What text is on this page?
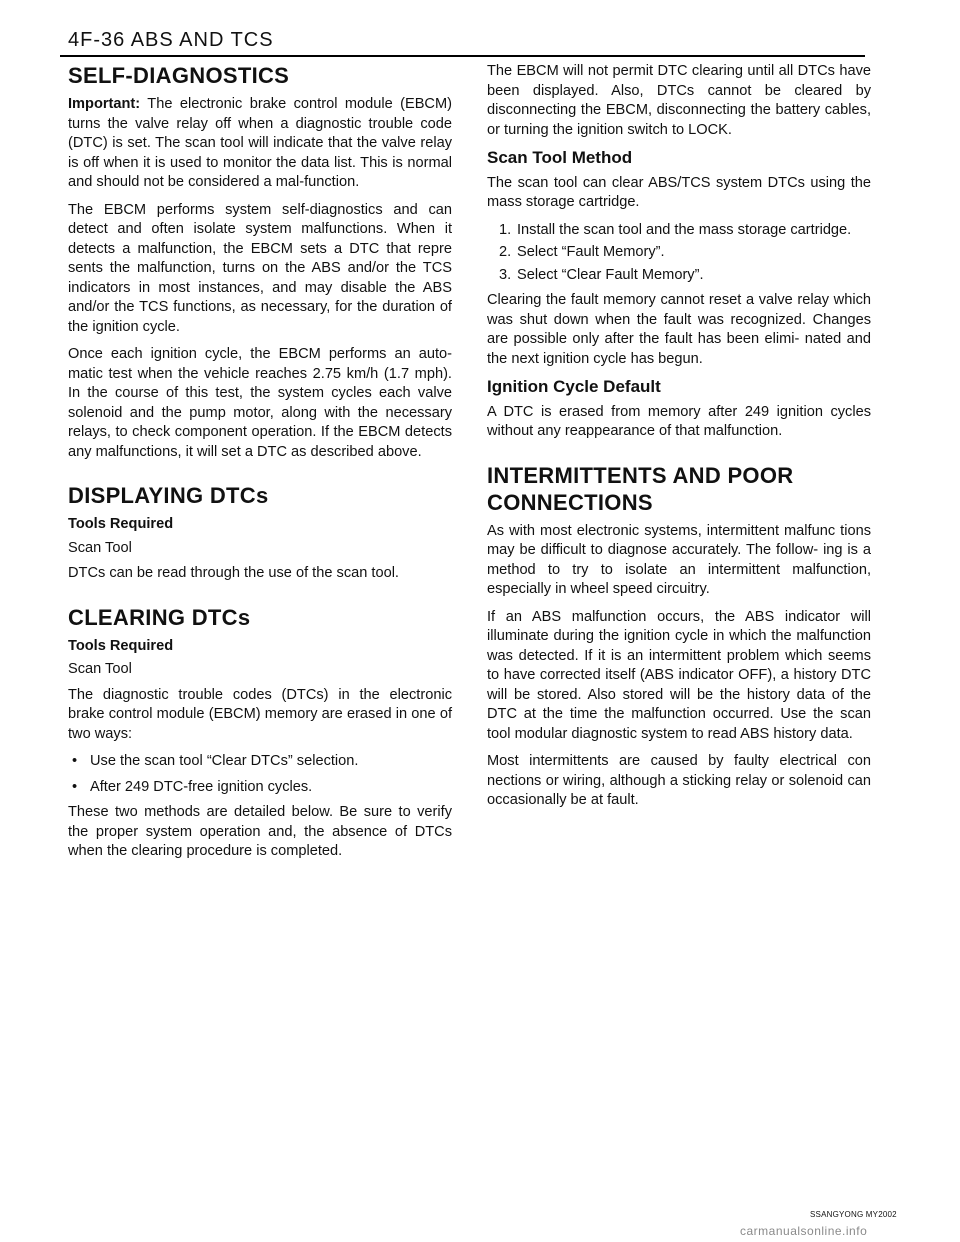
4F-36 ABS AND TCS
SELF-DIAGNOSTICS

Important: The electronic brake control module (EBCM) turns the valve relay off when a diagnostic trouble code (DTC) is set. The scan tool will indicate that the valve relay is off when it is used to monitor the data list. This is normal and should not be considered a mal-function.

The EBCM performs system self-diagnostics and can detect and often isolate system malfunctions. When it detects a malfunction, the EBCM sets a DTC that repre sents the malfunction, turns on the ABS and/or the TCS indicators in most instances, and may disable the ABS and/or the TCS functions, as necessary, for the duration of the ignition cycle.

Once each ignition cycle, the EBCM performs an auto- matic test when the vehicle reaches 2.75 km/h (1.7 mph). In the course of this test, the system cycles each valve solenoid and the pump motor, along with the necessary relays, to check component operation. If the EBCM detects any malfunctions, it will set a DTC as described above.

DISPLAYING DTCs
Tools Required
Scan Tool

DTCs can be read through the use of the scan tool.

CLEARING DTCs
Tools Required
Scan Tool

The diagnostic trouble codes (DTCs) in the electronic brake control module (EBCM) memory are erased in one of two ways:

• Use the scan tool “Clear DTCs” selection.
• After 249 DTC-free ignition cycles.

These two methods are detailed below. Be sure to verify the proper system operation and, the absence of DTCs when the clearing procedure is completed.

The EBCM will not permit DTC clearing until all DTCs have been displayed. Also, DTCs cannot be cleared by disconnecting the EBCM, disconnecting the battery cables, or turning the ignition switch to LOCK.

Scan Tool Method

The scan tool can clear ABS/TCS system DTCs using the mass storage cartridge.

1. Install the scan tool and the mass storage cartridge.
2. Select “Fault Memory”.
3. Select “Clear Fault Memory”.

Clearing the fault memory cannot reset a valve relay which was shut down when the fault was recognized. Changes are possible only after the fault has been elimi- nated and the next ignition cycle has begun.

Ignition Cycle Default

A DTC is erased from memory after 249 ignition cycles without any reappearance of that malfunction.

INTERMITTENTS AND POOR CONNECTIONS

As with most electronic systems, intermittent malfunc tions may be difficult to diagnose accurately. The follow- ing is a method to try to isolate an intermittent malfunction, especially in wheel speed circuitry.

If an ABS malfunction occurs, the ABS indicator will illuminate during the ignition cycle in which the malfunction was detected. If it is an intermittent problem which seems to have corrected itself (ABS indicator OFF), a history DTC will be stored. Also stored will be the history data of the DTC at the time the malfunction occurred. Use the scan tool modular diagnostic system to read ABS history data.

Most intermittents are caused by faulty electrical con nections or wiring, although a sticking relay or solenoid can occasionally be at fault.

SSANGYONG MY2002
carmanualsonline.info
